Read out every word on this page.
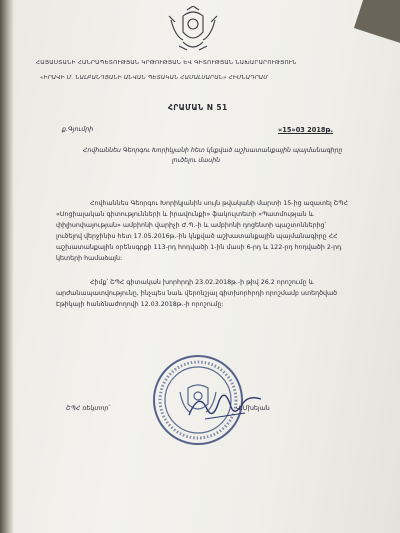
ՀԱՅԱՍՏԱՆԻ ՀԱՆՐԱՊԵՏՈՒԹՅԱՆ ԿՐԹՈՒԹՅԱՆ ԵՎ ԳԻՏՈՒԹՅԱՆ ՆԱԽԱՐԱՐՈՒԹՅՈՒՆ
«ԻՐԱՎԻ Մ. ՆԱԼԲԱՆԴՅԱՆԻ ԱՆՎԱՆ ՊԵՏԱԿԱՆ ՀԱՄԱԼՍԱՐԱՆ» ՀԻՄՆԱԴՐԱՄ
ՀՐԱՄԱՆ N 51
ք.Գյումրի	«15»03 2018թ.
Հովհաննես Գեորգու Խորիկյանի հետ կնքված աշխատանքային պայմանագիրը
լուծելու մասին
Հովհաննես Գեորգու Խորիկյանին սույն թվականի մարտի 15-ից ազատել ՇՊՀ
«Սոցիալական գիտությունների և իրավունքի» ֆակուլտետի «Պատմության և
փիլիսոփայության» ամբիոնի վարիչի Ժ.Պ.-ի և ամբիոնի դոցենտի պաշտոններից՝
լուծելով վերջինիս հետ 17.05.2016թ.-ին կնքված աշխատանքային պայմանագիրը ՀՀ
աշխատանքային օրենսգրքի 113-րդ հոդվածի 1-ին մասի 6-րդ և 122-րդ հոդվածի 2-րդ
կետերի համաձայն:
Հիմք՝ ՇՊՀ գիտական խորհրդի 23.02.2018թ.-ի թիվ 26.2 որոշումը և
արժանապատվությունը, ինչպես նաև վերոնշյալ գիտխորհրդի որոշմամբ ստեղծված
Էթիկայի հանձնաժողովի 12.03.2018թ.-ի որոշումը:
ՇՊՀ ռեկտոր՝	Վ.Մխեյան
